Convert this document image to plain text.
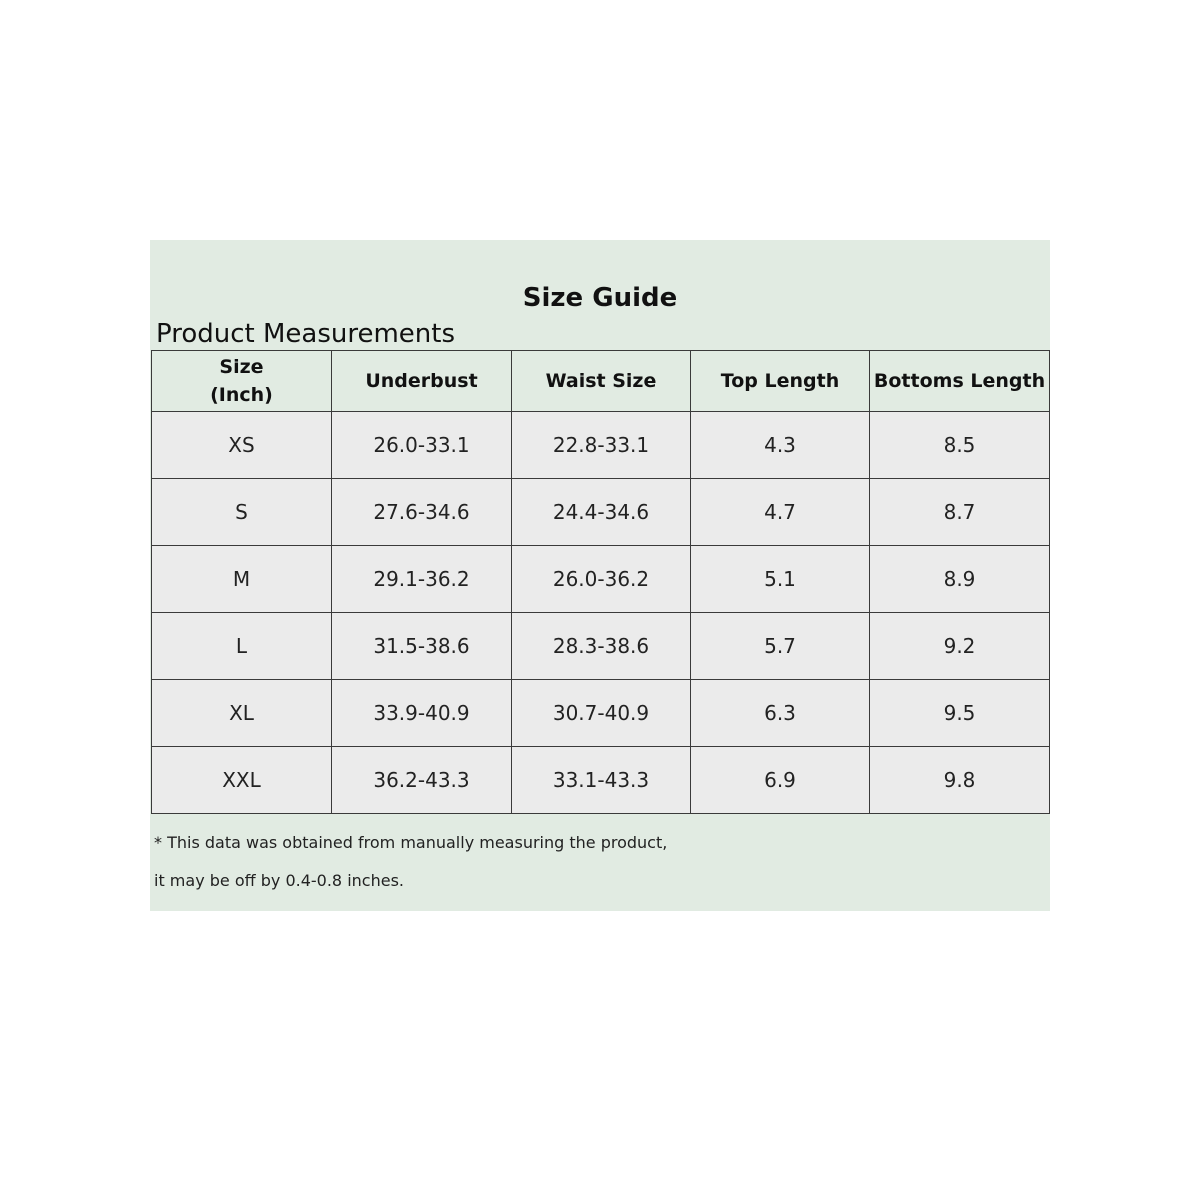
Size Guide
Product Measurements
Size
(Inch)	Underbust	Waist Size	Top Length	Bottoms Length
XS	26.0-33.1	22.8-33.1	4.3	8.5
S	27.6-34.6	24.4-34.6	4.7	8.7
M	29.1-36.2	26.0-36.2	5.1	8.9
L	31.5-38.6	28.3-38.6	5.7	9.2
XL	33.9-40.9	30.7-40.9	6.3	9.5
XXL	36.2-43.3	33.1-43.3	6.9	9.8
* This data was obtained from manually measuring the product,
it may be off by 0.4-0.8 inches.
